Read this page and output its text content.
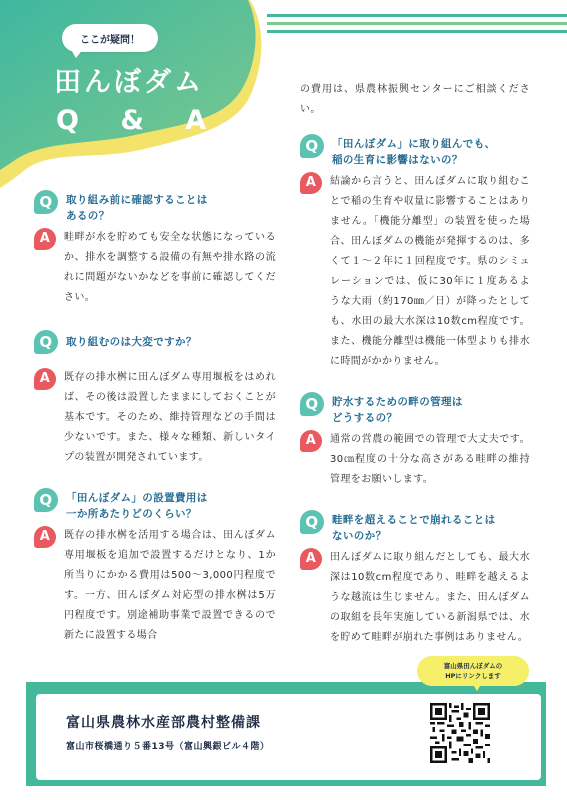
ここが疑問！
田んぼダム
Q & A
Q	取り組み前に確認することは
あるの？
A	畦畔が水を貯めても安全な状態になっているか、排水を調整する設備の有無や排水路の流れに問題がないかなどを事前に確認してください。
Q	取り組むのは大変ですか？
A	既存の排水桝に田んぼダム専用堰板をはめれば、その後は設置したままにしておくことが基本です。そのため、維持管理などの手間は少ないです。また、様々な種類、新しいタイプの装置が開発されています。
Q	「田んぼダム」の設置費用は
一か所あたりどのくらい？
A	既存の排水桝を活用する場合は、田んぼダム専用堰板を追加で設置するだけとなり、1か所当りにかかる費用は500～3,000円程度です。一方、田んぼダム対応型の排水桝は5万円程度です。別途補助事業で設置できるので新たに設置する場合
の費用は、県農林振興センターにご相談ください。
Q	「田んぼダム」に取り組んでも、
稲の生育に影響はないの？
A	結論から言うと、田んぼダムに取り組むことで稲の生育や収量に影響することはありません。「機能分離型」の装置を使った場合、田んぼダムの機能が発揮するのは、多くて１～２年に１回程度です。県のシミュレーションでは、仮に30年に１度あるような大雨（約170㎜／日）が降ったとしても、水田の最大水深は10数cm程度です。また、機能分離型は機能一体型よりも排水に時間がかかりません。
Q	貯水するための畔の管理は
どうするの？
A	通常の営農の範囲での管理で大丈夫です。30㎝程度の十分な高さがある畦畔の維持管理をお願いします。
Q	畦畔を超えることで崩れることは
ないのか？
A	田んぼダムに取り組んだとしても、最大水深は10数cm程度であり、畦畔を越えるような越流は生じません。また、田んぼダムの取組を長年実施している新潟県では、水を貯めて畦畔が崩れた事例はありません。
富山県農林水産部農村整備課
富山市桜橋通り５番13号（富山興銀ビル４階）
富山県田んぼダムの
HPにリンクします
